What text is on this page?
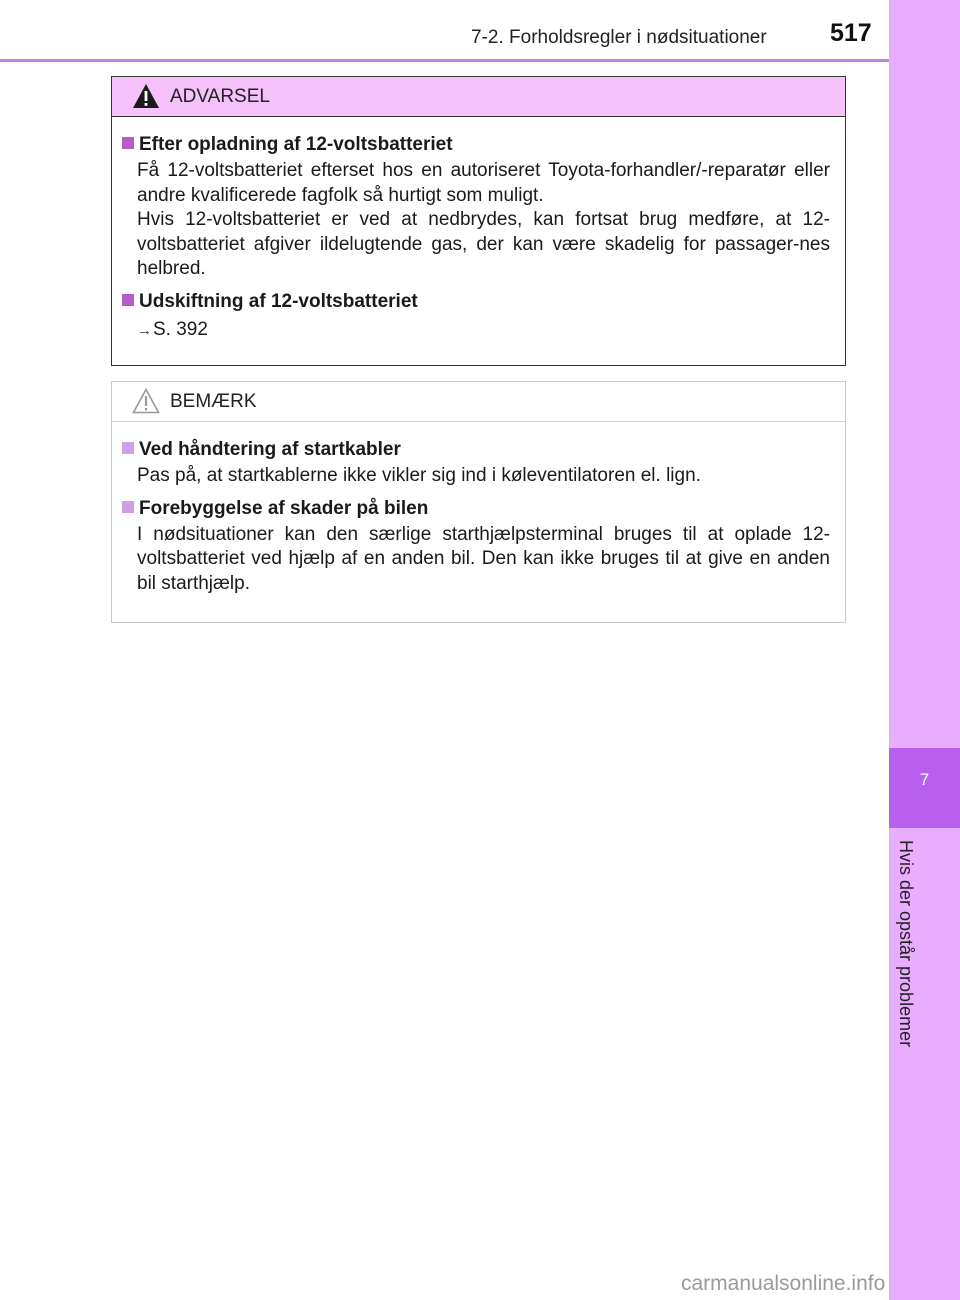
7-2. Forholdsregler i nødsituationer	517
7
Hvis der opstår problemer
ADVARSEL
Efter opladning af 12-voltsbatteriet

Få 12-voltsbatteriet efterset hos en autoriseret Toyota-forhandler/-reparatør eller andre kvalificerede fagfolk så hurtigt som muligt.

Hvis 12-voltsbatteriet er ved at nedbrydes, kan fortsat brug medføre, at 12-voltsbatteriet afgiver ildelugtende gas, der kan være skadelig for passager-nes helbred.

Udskiftning af 12-voltsbatteriet
→S. 392
BEMÆRK
Ved håndtering af startkabler

Pas på, at startkablerne ikke vikler sig ind i køleventilatoren el. lign.

Forebyggelse af skader på bilen

I nødsituationer kan den særlige starthjælpsterminal bruges til at oplade 12-voltsbatteriet ved hjælp af en anden bil. Den kan ikke bruges til at give en anden bil starthjælp.

carmanualsonline.info
